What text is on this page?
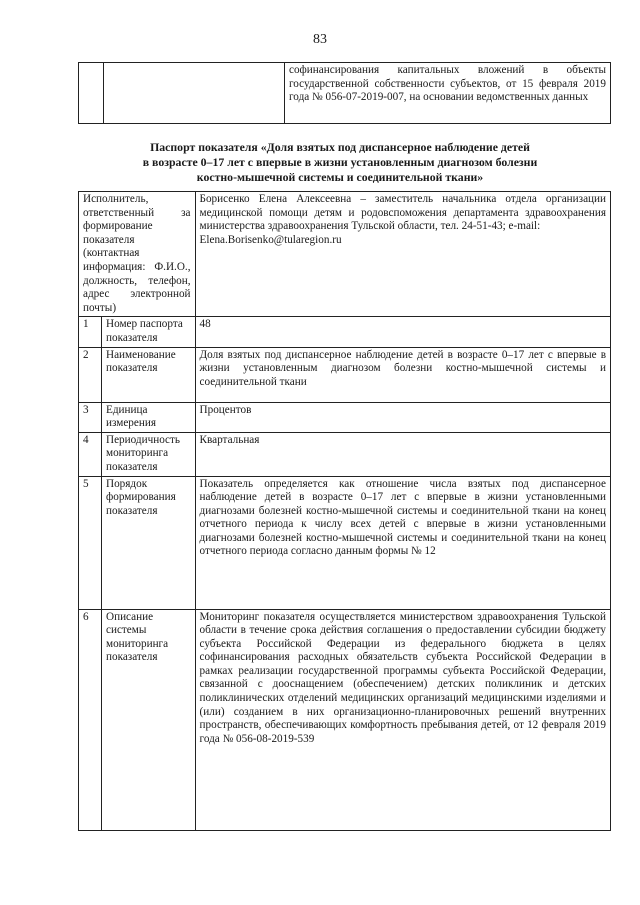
83
		софинансирования капитальных вложений в объекты государственной собственности субъектов, от 15 февраля 2019 года № 056-07-2019-007, на основании ведомственных данных
Паспорт показателя «Доля взятых под диспансерное наблюдение детей
в возрасте 0–17 лет с впервые в жизни установленным диагнозом болезни
костно-мышечной системы и соединительной ткани»
Исполнитель, ответственный за формирование показателя (контактная информация: Ф.И.О., должность, телефон, адрес электронной почты)		Борисенко Елена Алексеевна – заместитель начальника отдела организации медицинской помощи детям и родовспоможения департамента здравоохранения министерства здравоохранения Тульской области, тел. 24-51-43; e-mail:
Elena.Borisenko@tularegion.ru
1	Номер паспорта показателя	48
2	Наименование показателя	Доля взятых под диспансерное наблюдение детей в возрасте 0–17 лет с впервые в жизни установленным диагнозом болезни костно-мышечной системы и соединительной ткани
3	Единица измерения	Процентов
4	Периодичность мониторинга показателя	Квартальная
5	Порядок формирования показателя	Показатель определяется как отношение числа взятых под диспансерное наблюдение детей в возрасте 0–17 лет с впервые в жизни установленными диагнозами болезней костно-мышечной системы и соединительной ткани на конец отчетного периода к числу всех детей с впервые в жизни установленными диагнозами болезней костно-мышечной системы и соединительной ткани на конец отчетного периода согласно данным формы № 12
6	Описание системы мониторинга показателя	Мониторинг показателя осуществляется министерством здравоохранения Тульской области в течение срока действия соглашения о предоставлении субсидии бюджету субъекта Российской Федерации из федерального бюджета в целях софинансирования расходных обязательств субъекта Российской Федерации в рамках реализации государственной программы субъекта Российской Федерации, связанной с дооснащением (обеспечением) детских поликлиник и детских поликлинических отделений медицинских организаций медицинскими изделиями и (или) созданием в них организационно-планировочных решений внутренних пространств, обеспечивающих комфортность пребывания детей, от 12 февраля 2019 года № 056-08-2019-539
